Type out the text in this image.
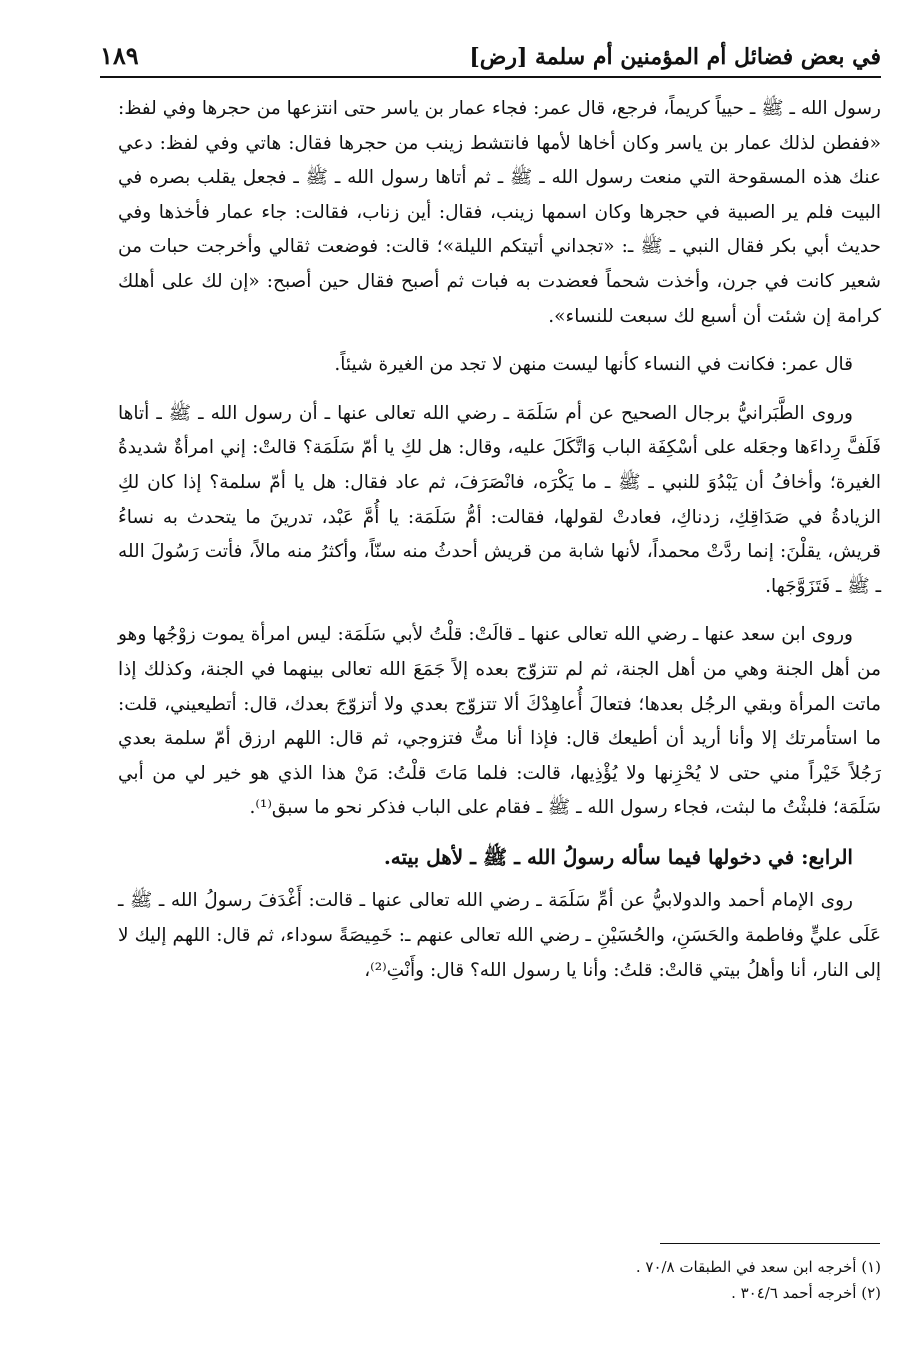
في بعض فضائل أم المؤمنين أم سلمة [رض]
١٨٩

رسول الله ـ ﷺ ـ حيياً كريماً، فرجع، قال عمر: فجاء عمار بن ياسر حتى انتزعها من حجرها وفي لفظ: «ففطن لذلك عمار بن ياسر وكان أخاها لأمها فانتشط زينب من حجرها فقال: هاتي وفي لفظ: دعي عنك هذه المسقوحة التي منعت رسول الله ـ ﷺ ـ ثم أتاها رسول الله ـ ﷺ ـ فجعل يقلب بصره في البيت فلم ير الصبية في حجرها وكان اسمها زينب، فقال: أين زناب، فقالت: جاء عمار فأخذها وفي حديث أبي بكر فقال النبي ـ ﷺ ـ: «تجداني أتيتكم الليلة»؛ قالت: فوضعت ثقالي وأخرجت حبات من شعير كانت في جرن، وأخذت شحماً فعضدت به فبات ثم أصبح فقال حين أصبح: «إن لك على أهلك كرامة إن شئت أن أسبع لك سبعت للنساء».

قال عمر: فكانت في النساء كأنها ليست منهن لا تجد من الغيرة شيئاً.

وروى الطَّبَرانيُّ برجال الصحيح عن أم سَلَمَة ـ رضي الله تعالى عنها ـ أن رسول الله ـ ﷺ ـ أتاها فَلَفَّ رِداءَها وجعَله على أسْكِفَة الباب وَاتَّكَلَ عليه، وقال: هل لكِ يا أمّ سَلَمَة؟ قالتْ: إني امرأةٌ شديدةُ الغيرة؛ وأخافُ أن يَبْدُوَ للنبي ـ ﷺ ـ ما يَكْرَه، فانْصَرَفَ، ثم عاد فقال: هل يا أمّ سلمة؟ إذا كان لكِ الزيادةُ في صَدَاقِكِ، زدناكِ، فعادتْ لقولها، فقالت: أمُّ سَلَمَة: يا أُمَّ عَبْد، تدرينَ ما يتحدث به نساءُ قريش، يقلْنَ: إنما ردَّتْ محمداً، لأنها شابة من قريش أحدثُ منه سنّاً، وأكثرُ منه مالاً، فأتت رَسُولَ الله ـ ﷺ ـ فَتَزَوَّجَها.

وروى ابن سعد عنها ـ رضي الله تعالى عنها ـ قالَتْ: قلْتُ لأبي سَلَمَة: ليس امرأة يموت زوْجُها وهو من أهل الجنة وهي من أهل الجنة، ثم لم تتزوّج بعده إلاً جَمَعَ الله تعالى بينهما في الجنة، وكذلك إذا ماتت المرأة وبقي الرجُل بعدها؛ فتعالَ أُعاهِدْكَ ألا تتزوّج بعدي ولا أتزوّجَ بعدك، قال: أتطيعيني، قلت: ما استأمرتك إلا وأنا أريد أن أطيعك قال: فإذا أنا متُّ فتزوجي، ثم قال: اللهم ارزق أمّ سلمة بعدي رَجُلاً خَيْراً مني حتى لا يُحْزِنها ولا يُؤْذِيها، قالت: فلما مَاتَ قلْتُ: مَنْ هذا الذي هو خير لي من أبي سَلَمَة؛ فلبثْتُ ما لبثت، فجاء رسول الله ـ ﷺ ـ فقام على الباب فذكر نحو ما سبق⁽¹⁾.

الرابع: في دخولها فيما سأله رسولُ الله ـ ﷺ ـ لأهل بيته.

روى الإمام أحمد والدولابيُّ عن أمِّ سَلَمَة ـ رضي الله تعالى عنها ـ قالت: أَغْدَفَ رسولُ الله ـ ﷺ ـ عَلَى عليٍّ وفاطمة والحَسَنِ، والحُسَيْنِ ـ رضي الله تعالى عنهم ـ: خَمِيصَةً سوداء، ثم قال: اللهم إليك لا إلى النار، أنا وأهلُ بيتي قالتْ: قلتُ: وأنا يا رسول الله؟ قال: وأَنْتِ⁽²⁾،

(١) أخرجه ابن سعد في الطبقات ٧٠/٨ .
(٢) أخرجه أحمد ٣٠٤/٦ .
